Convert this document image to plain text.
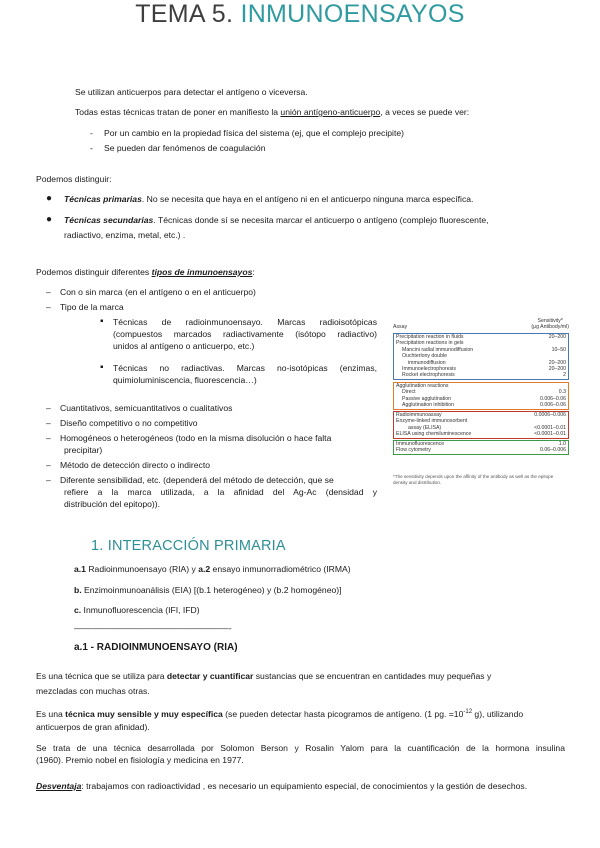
TEMA 5. INMUNOENSAYOS
Se utilizan anticuerpos para detectar el antígeno o viceversa.
Todas estas técnicas tratan de poner en manifiesto la unión antígeno-anticuerpo, a veces se puede ver:
- Por un cambio en la propiedad física del sistema (ej, que el complejo precipite)
- Se pueden dar fenómenos de coagulación
Podemos distinguir:
● Técnicas primarias. No se necesita que haya en el antígeno ni en el anticuerpo ninguna marca específica.
● Técnicas secundarias. Técnicas donde sí se necesita marcar el anticuerpo o antígeno (complejo fluorescente,
radiactivo, enzima, metal, etc.) .
Podemos distinguir diferentes tipos de inmunoensayos:
– Con o sin marca (en el antígeno o en el anticuerpo)
– Tipo de la marca
▪ Técnicas de radioinmunoensayo. Marcas radioisotópicas
(compuestos marcados radiactivamente (isótopo radiactivo)
unidos al antígeno o anticuerpo, etc.)
▪ Técnicas no radiactivas. Marcas no-isotópicas (enzimas,
quimioluminiscencia, fluorescencia…)
– Cuantitativos, semicuantitativos o cualitativos
– Diseño competitivo o no competitivo
– Homogéneos o heterogéneos (todo en la misma disolución o hace falta
precipitar)
– Método de detección directo o indirecto
– Diferente sensibilidad, etc. (dependerá del método de detección, que se
refiere a la marca utilizada, a la afinidad del Ag-Ac (densidad y
distribución del epitopo)).
Assay
Sensitivity*
(μg Antibody/ml)
Precipitation reaction in fluids	20–200
Precipitation reactions in gels
Mancini radial immunodiffusion	10–50
Ouchterlony double
immunodiffusion	20–200
Immunoelectrophoresis	20–200
Rocket electrophoresis	2
Agglutination reactions
Direct	0.3
Passive agglutination	0.006–0.06
Agglutination inhibition	0.006–0.06
Radioimmunoassay	0.0006–0.006
Enzyme-linked immunosorbent
assay (ELISA)	<0.0001–0.01
ELISA using chemiluminescence	<0.0001–0.01
Immunofluorescence	1.0
Flow cytometry	0.06–0.006
*The sensitivity depends upon the affinity of the antibody as well as the epitope density and distribution.
1. INTERACCIÓN PRIMARIA
a.1 Radioinmunoensayo (RIA) y a.2 ensayo inmunorradiométrico (IRMA)
b. Enzimoinmunoanálisis (EIA) [(b.1 heterogéneo) y (b.2 homogéneo)]
c. Inmunofluorescencia (IFI, IFD)
——————————————————-
a.1 - RADIOINMUNOENSAYO (RIA)
Es una técnica que se utiliza para detectar y cuantificar sustancias que se encuentran en cantidades muy pequeñas y
mezcladas con muchas otras.
Es una técnica muy sensible y muy específica (se pueden detectar hasta picogramos de antígeno. (1 pg. $=10^{-12}$ g), utilizando
anticuerpos de gran afinidad).
Se trata de una técnica desarrollada por Solomon Berson y Rosalin Yalom para la cuantificación de la hormona insulina
(1960). Premio nobel en fisiología y medicina en 1977.
Desventaja: trabajamos con radioactividad , es necesario un equipamiento especial, de conocimientos y la gestión de desechos.
